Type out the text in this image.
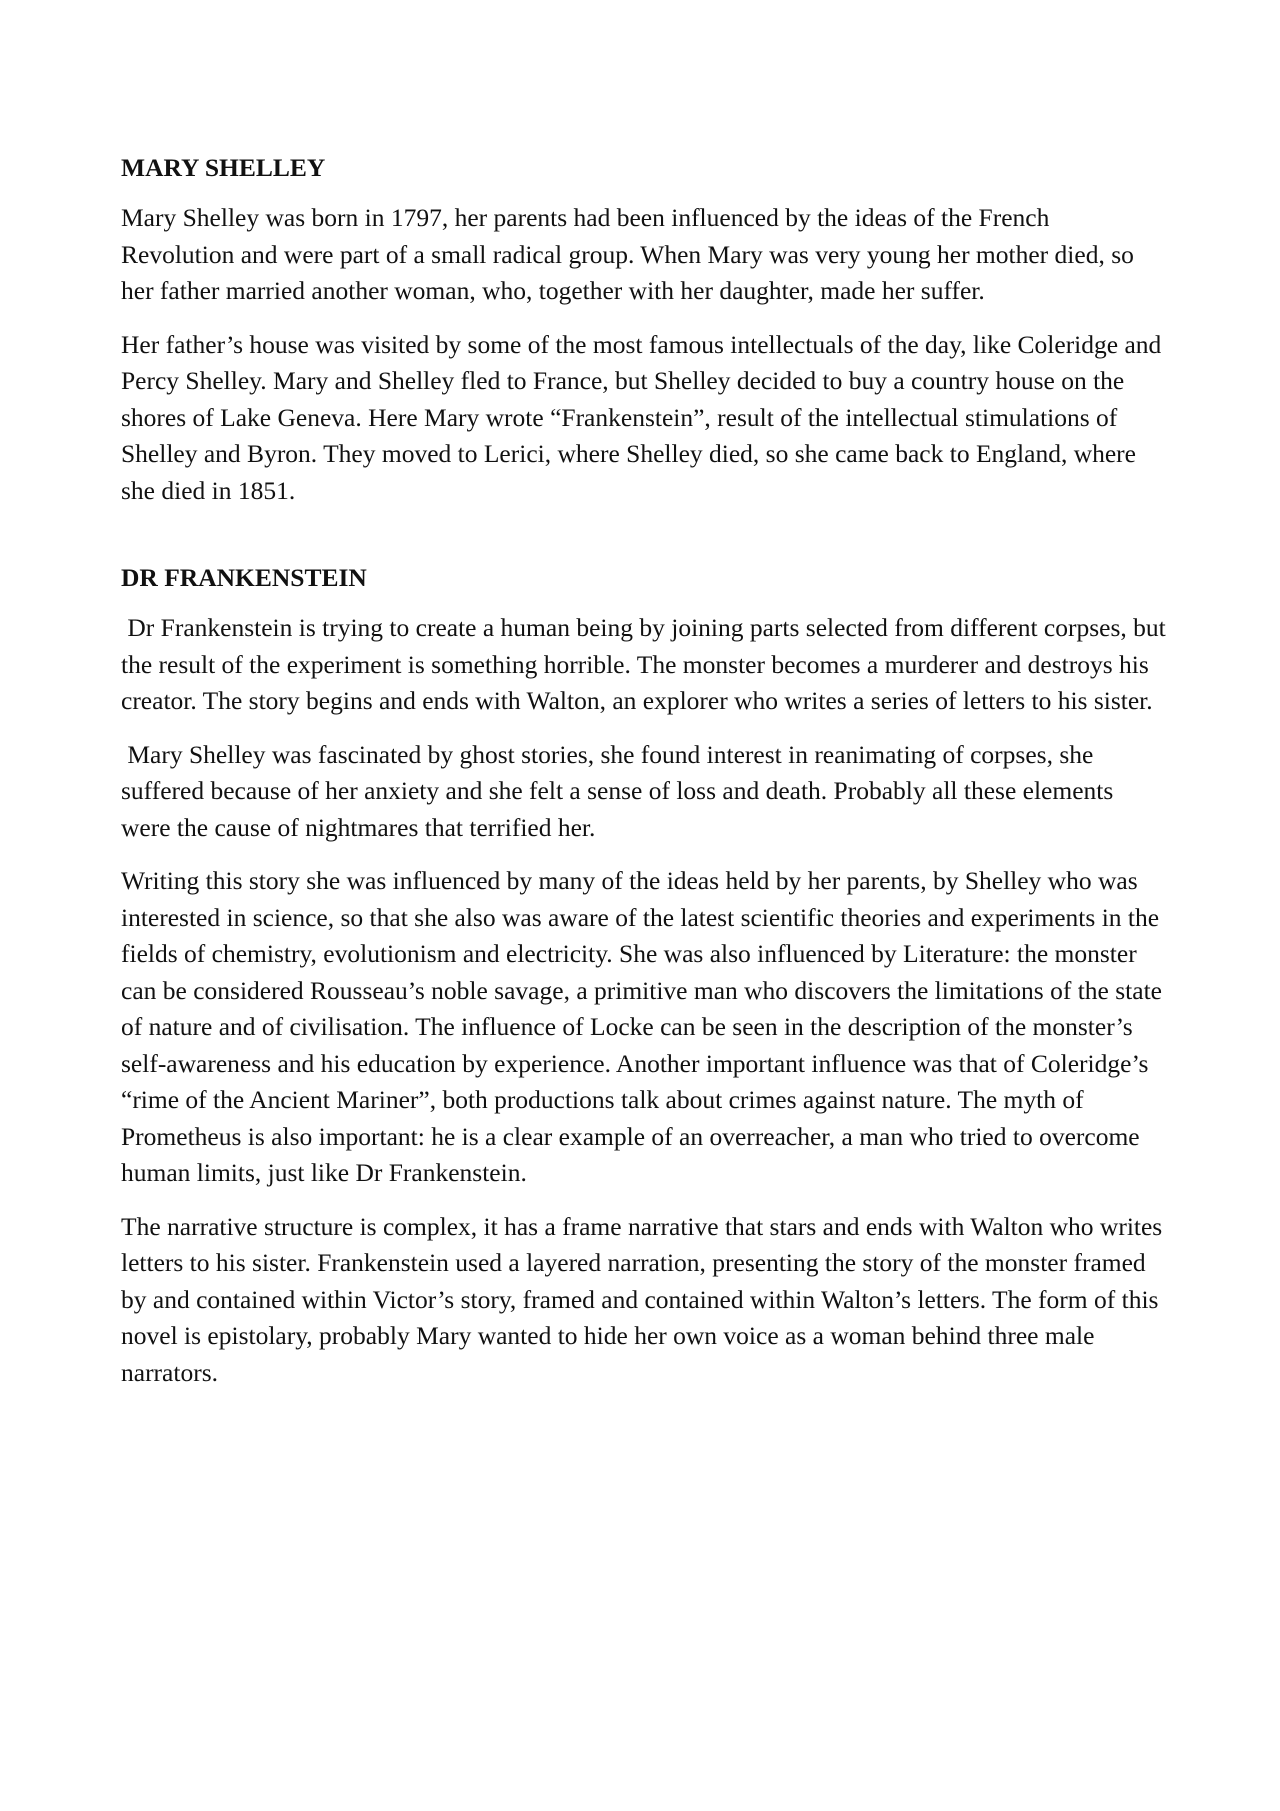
MARY SHELLEY

Mary Shelley was born in 1797, her parents had been influenced by the ideas of the French Revolution and were part of a small radical group. When Mary was very young her mother died, so her father married another woman, who, together with her daughter, made her suffer.

Her father’s house was visited by some of the most famous intellectuals of the day, like Coleridge and Percy Shelley. Mary and Shelley fled to France, but Shelley decided to buy a country house on the shores of Lake Geneva. Here Mary wrote “Frankenstein”, result of the intellectual stimulations of Shelley and Byron. They moved to Lerici, where Shelley died, so she came back to England, where she died in 1851.

DR FRANKENSTEIN

Dr Frankenstein is trying to create a human being by joining parts selected from different corpses, but the result of the experiment is something horrible. The monster becomes a murderer and destroys his creator. The story begins and ends with Walton, an explorer who writes a series of letters to his sister.

Mary Shelley was fascinated by ghost stories, she found interest in reanimating of corpses, she suffered because of her anxiety and she felt a sense of loss and death. Probably all these elements were the cause of nightmares that terrified her.

Writing this story she was influenced by many of the ideas held by her parents, by Shelley who was interested in science, so that she also was aware of the latest scientific theories and experiments in the fields of chemistry, evolutionism and electricity. She was also influenced by Literature: the monster can be considered Rousseau’s noble savage, a primitive man who discovers the limitations of the state of nature and of civilisation. The influence of Locke can be seen in the description of the monster’s self-awareness and his education by experience. Another important influence was that of Coleridge’s “rime of the Ancient Mariner”, both productions talk about crimes against nature. The myth of Prometheus is also important: he is a clear example of an overreacher, a man who tried to overcome human limits, just like Dr Frankenstein.

The narrative structure is complex, it has a frame narrative that stars and ends with Walton who writes letters to his sister. Frankenstein used a layered narration, presenting the story of the monster framed by and contained within Victor’s story, framed and contained within Walton’s letters. The form of this novel is epistolary, probably Mary wanted to hide her own voice as a woman behind three male narrators.
